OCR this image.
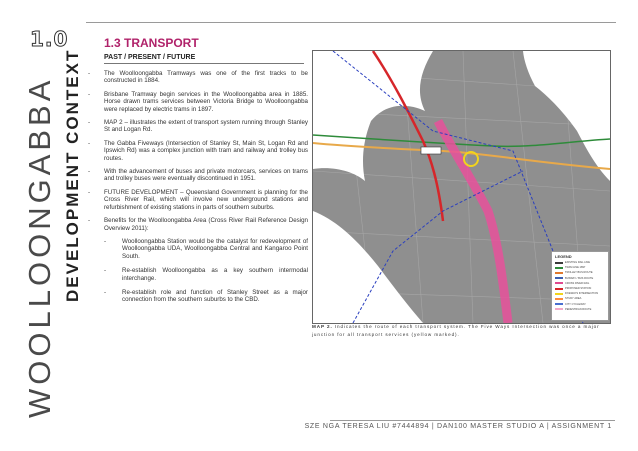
1.0
WOOLLOONGABBA DEVELOPMENT CONTEXT
1.3 TRANSPORT
PAST / PRESENT / FUTURE
- The Woolloongabba Tramways was one of the first tracks to be constructed in 1884.
- Brisbane Tramway begin services in the Woolloongabba area in 1885. Horse drawn trams services between Victoria Bridge to Woolloongabba were replaced by electric trams in 1897.
- MAP 2 – illustrates the extent of transport system running through Stanley St and Logan Rd.
- The Gabba Fiveways (Intersection of Stanley St, Main St, Logan Rd and Ipswich Rd) was a complex junction with tram and railway and trolley bus routes.
- With the advancement of buses and private motorcars, services on trams and trolley buses were eventually discontinued in 1951.
- FUTURE DEVELOPMENT – Queensland Government is planning for the Cross River Rail, which will involve new underground stations and refurbishment of existing stations in parts of southern suburbs.
- Benefits for the Woolloongabba Area (Cross River Rail Reference Design Overview 2011):
-	Woolloongabba Station would be the catalyst for redevelopment of Woolloongabba UDA, Woolloongabba Central and Kangaroo Point South.
-	Re-establish Woolloongabba as a key southern intermodal interchange.
-	Re-establish role and function of Stanley Street as a major connection from the southern suburbs to the CBD.
LEGEND
EXISTING RAIL LINE
TRAM LINE 1897
TROLLEY BUS ROUTE
BUSWAY / BUS ROUTE
CROSS RIVER RAIL
PROPOSED STATION
FIVEWAYS INTERSECTION
STUDY AREA
CITY CYCLEWAY
PEDESTRIAN ROUTE
MAP 2. Indicates the route of each transport system. The Five Ways Intersection was once a major junction for all transport services (yellow marked).
SZE NGA TERESA LIU #7444894 | DAN100 MASTER STUDIO A | ASSIGNMENT 1
